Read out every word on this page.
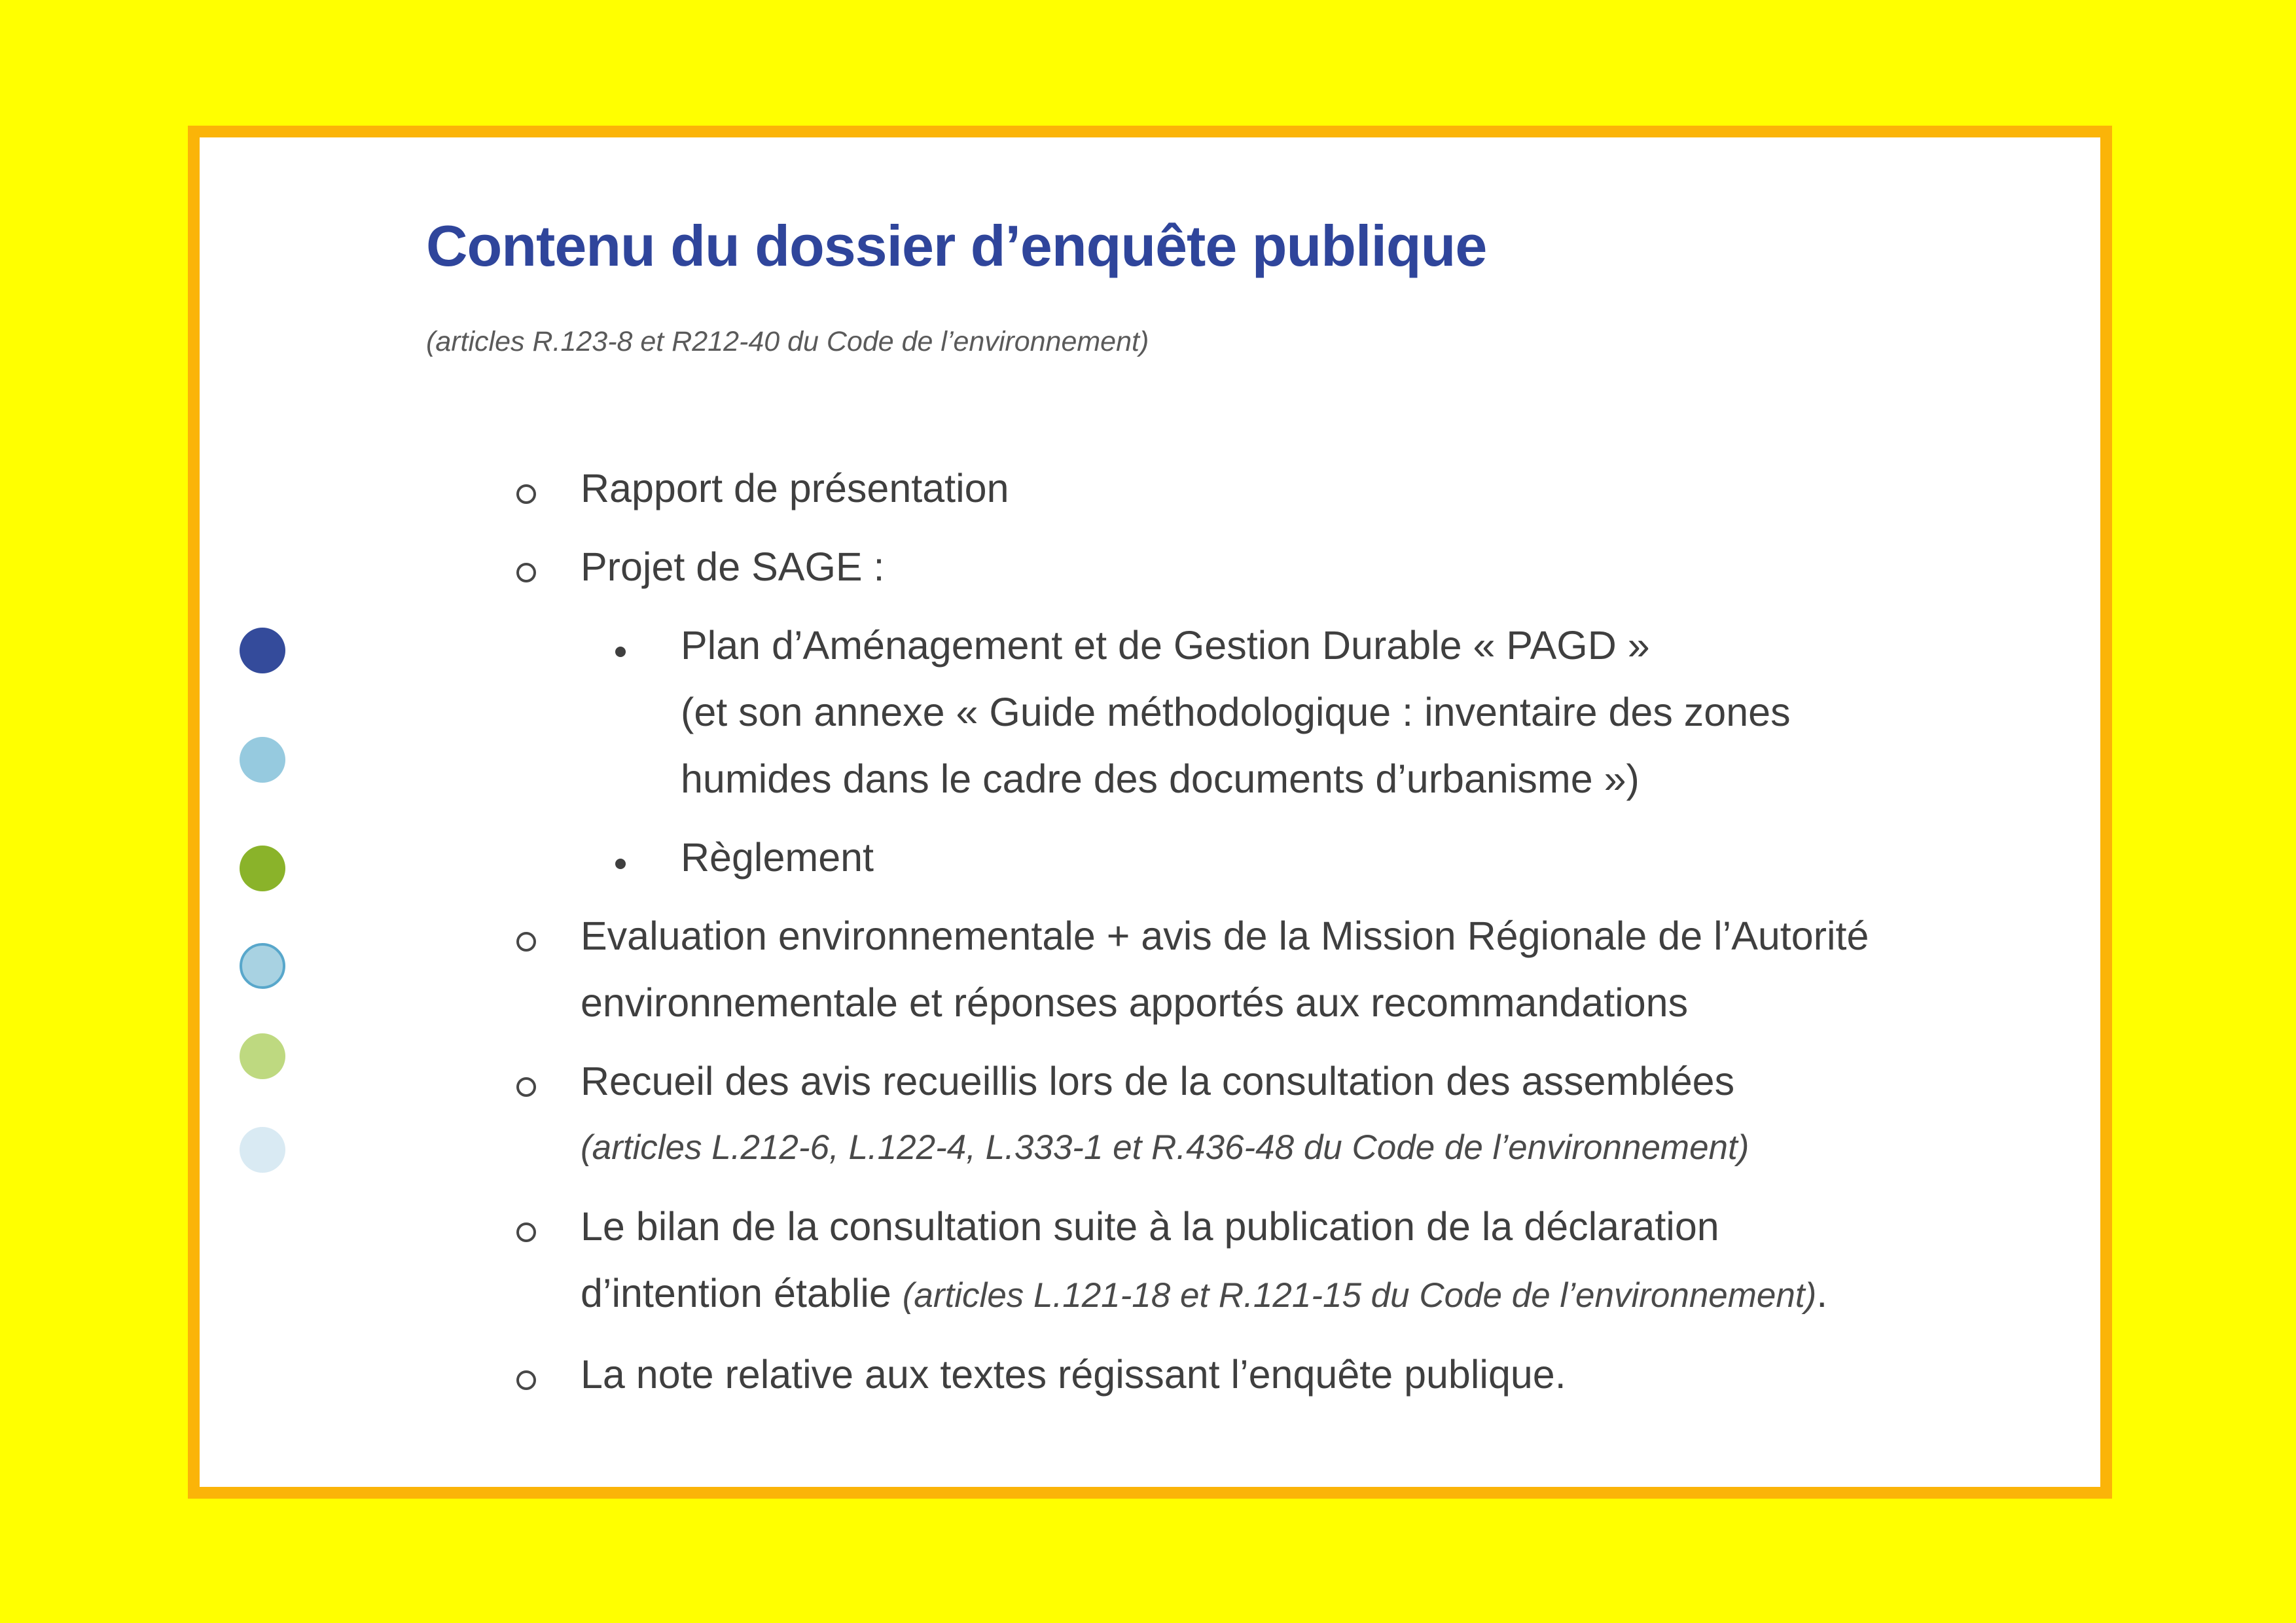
Contenu du dossier d’enquête publique
(articles R.123-8 et R212-40 du Code de l’environnement)
Rapport de présentation
Projet de SAGE :
Plan d’Aménagement et de Gestion Durable « PAGD »
(et son annexe « Guide méthodologique : inventaire des zones
humides dans le cadre des documents d’urbanisme »)
Règlement
Evaluation environnementale + avis de la Mission Régionale de l’Autorité
environnementale et réponses apportés aux recommandations
Recueil des avis recueillis lors de la consultation des assemblées
(articles L.212-6, L.122-4, L.333-1 et R.436-48 du Code de l’environnement)
Le bilan de la consultation suite à la publication de la déclaration
d’intention établie (articles L.121-18 et R.121-15 du Code de l’environnement).
La note relative aux textes régissant l’enquête publique.
